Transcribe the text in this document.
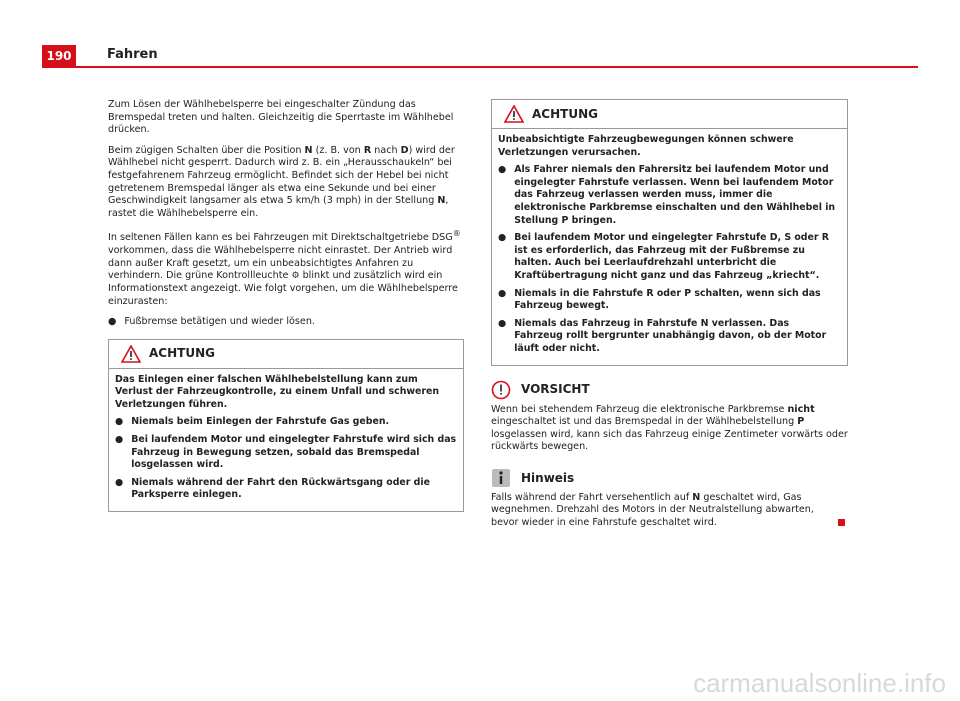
190	Fahren

Zum Lösen der Wählhebelsperre bei eingeschalter Zündung das Bremspedal treten und halten. Gleichzeitig die Sperrtaste im Wählhebel drücken.

Beim zügigen Schalten über die Position N (z. B. von R nach D) wird der Wählhebel nicht gesperrt. Dadurch wird z. B. ein „Herausschaukeln“ bei festgefahrenem Fahrzeug ermöglicht. Befindet sich der Hebel bei nicht getretenem Bremspedal länger als etwa eine Sekunde und bei einer Geschwindigkeit langsamer als etwa 5 km/h (3 mph) in der Stellung N, rastet die Wählhebelsperre ein.

In seltenen Fällen kann es bei Fahrzeugen mit Direktschaltgetriebe DSG® vorkommen, dass die Wählhebelsperre nicht einrastet. Der Antrieb wird dann außer Kraft gesetzt, um ein unbeabsichtigtes Anfahren zu verhindern. Die grüne Kontrollleuchte ⚙ blinkt und zusätzlich wird ein Informationstext angezeigt. Wie folgt vorgehen, um die Wählhebelsperre einzurasten:

● Fußbremse betätigen und wieder lösen.
ACHTUNG

Das Einlegen einer falschen Wählhebelstellung kann zum Verlust der Fahrzeugkontrolle, zu einem Unfall und schweren Verletzungen führen.

● Niemals beim Einlegen der Fahrstufe Gas geben.
● Bei laufendem Motor und eingelegter Fahrstufe wird sich das Fahrzeug in Bewegung setzen, sobald das Bremspedal losgelassen wird.
● Niemals während der Fahrt den Rückwärtsgang oder die Parksperre einlegen.
ACHTUNG

Unbeabsichtigte Fahrzeugbewegungen können schwere Verletzungen verursachen.

● Als Fahrer niemals den Fahrersitz bei laufendem Motor und eingelegter Fahrstufe verlassen. Wenn bei laufendem Motor das Fahrzeug verlassen werden muss, immer die elektronische Parkbremse einschalten und den Wählhebel in Stellung P bringen.
● Bei laufendem Motor und eingelegter Fahrstufe D, S oder R ist es erforderlich, das Fahrzeug mit der Fußbremse zu halten. Auch bei Leerlaufdrehzahl unterbricht die Kraftübertragung nicht ganz und das Fahrzeug „kriecht“.
● Niemals in die Fahrstufe R oder P schalten, wenn sich das Fahrzeug bewegt.
● Niemals das Fahrzeug in Fahrstufe N verlassen. Das Fahrzeug rollt bergrunter unabhängig davon, ob der Motor läuft oder nicht.
VORSICHT

Wenn bei stehendem Fahrzeug die elektronische Parkbremse nicht eingeschaltet ist und das Bremspedal in der Wählhebelstellung P losgelassen wird, kann sich das Fahrzeug einige Zentimeter vorwärts oder rückwärts bewegen.

Hinweis

Falls während der Fahrt versehentlich auf N geschaltet wird, Gas wegnehmen. Drehzahl des Motors in der Neutralstellung abwarten, bevor wieder in eine Fahrstufe geschaltet wird.

carmanualsonline.info
